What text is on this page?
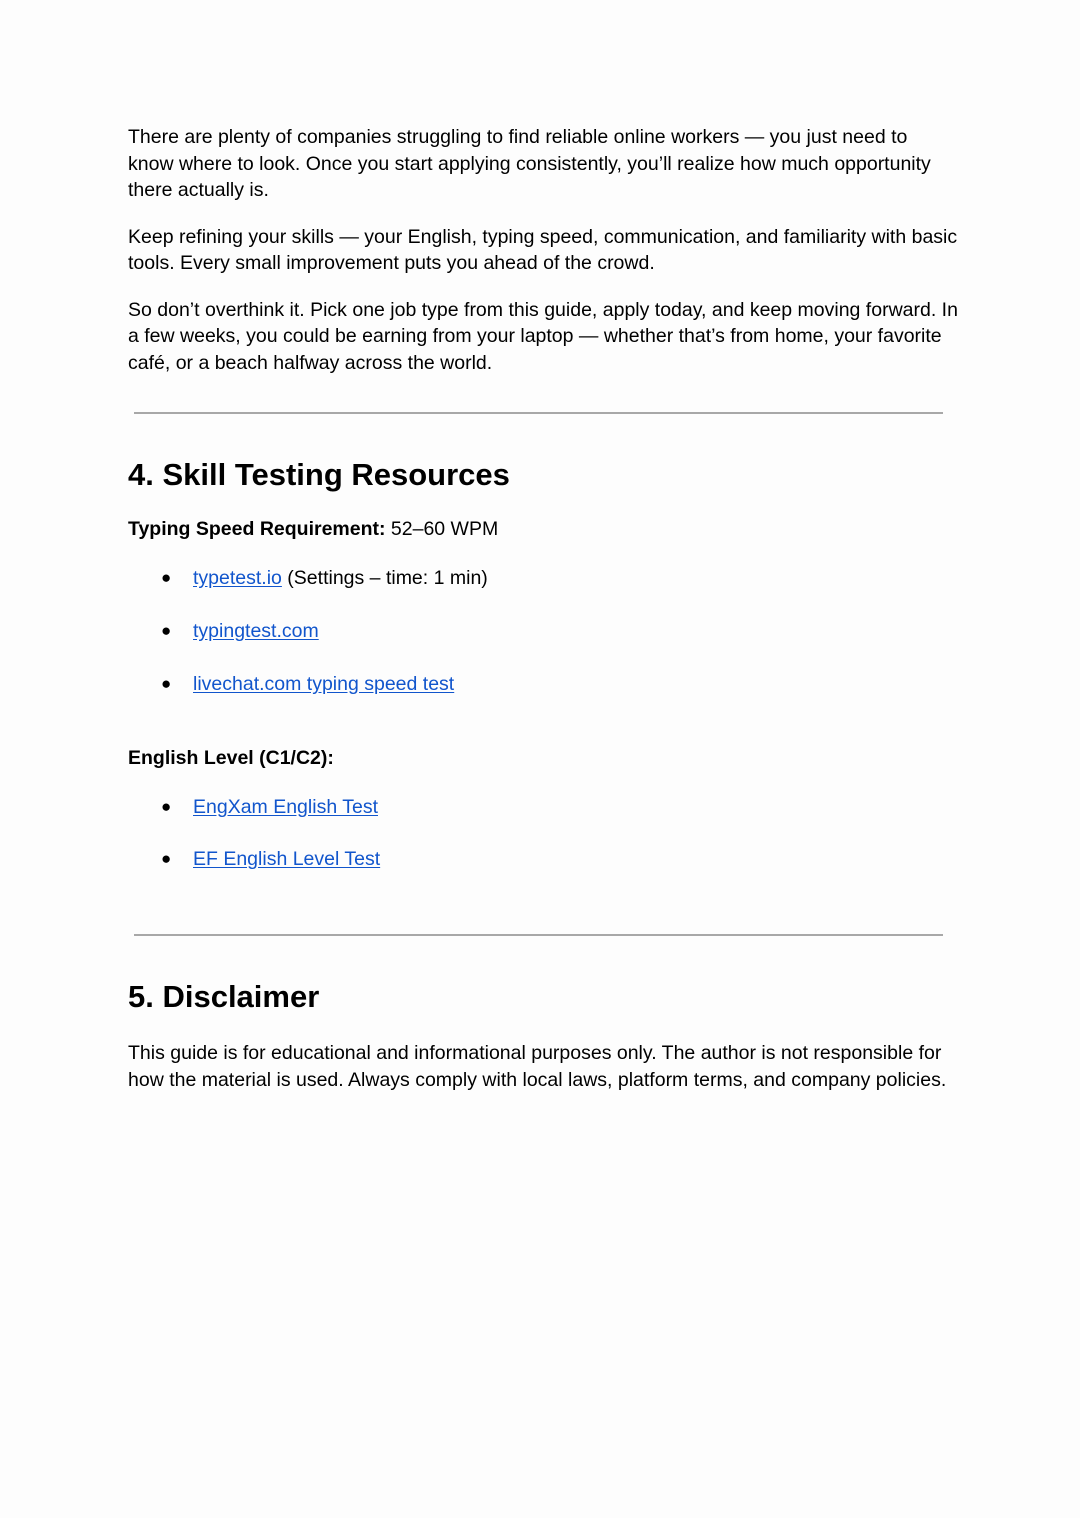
There are plenty of companies struggling to find reliable online workers — you just need to know where to look. Once you start applying consistently, you’ll realize how much opportunity there actually is.

Keep refining your skills — your English, typing speed, communication, and familiarity with basic tools. Every small improvement puts you ahead of the crowd.

So don’t overthink it. Pick one job type from this guide, apply today, and keep moving forward. In a few weeks, you could be earning from your laptop — whether that’s from home, your favorite café, or a beach halfway across the world.

4. Skill Testing Resources
Typing Speed Requirement: 52–60 WPM
● typetest.io (Settings – time: 1 min)
● typingtest.com
● livechat.com typing speed test
English Level (C1/C2):
● EngXam English Test
● EF English Level Test
5. Disclaimer

This guide is for educational and informational purposes only. The author is not responsible for how the material is used. Always comply with local laws, platform terms, and company policies.
